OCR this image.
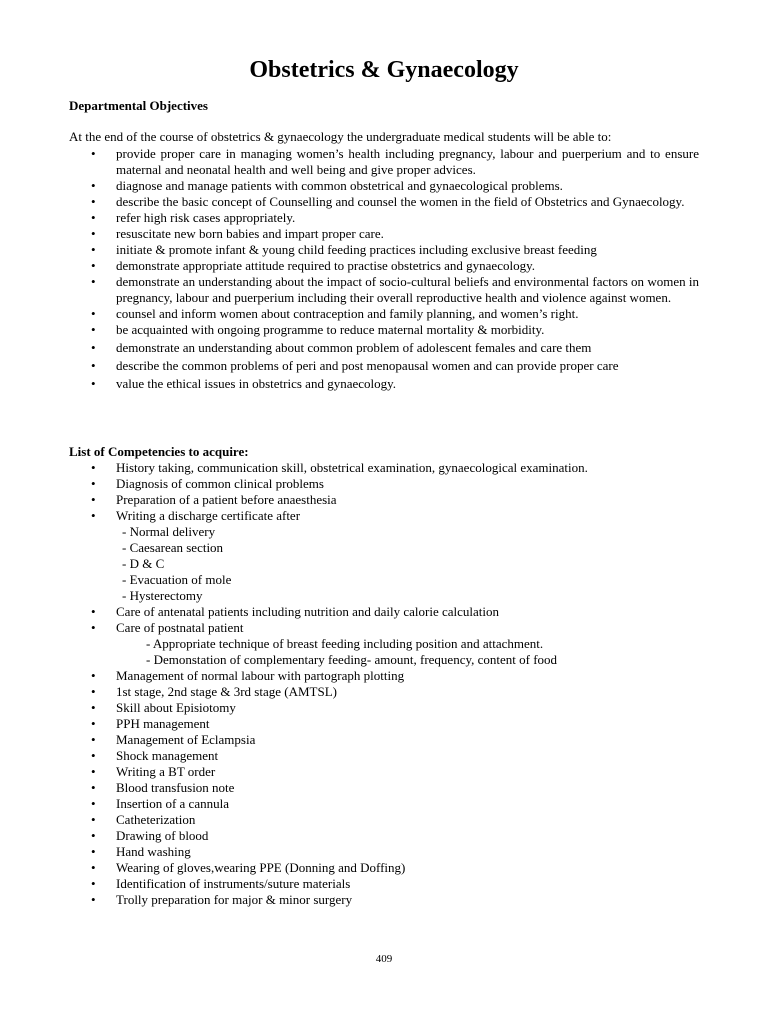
Obstetrics & Gynaecology
Departmental Objectives
At the end of the course of obstetrics & gynaecology the undergraduate medical students will be able to:
•	provide proper care in managing women’s health including pregnancy, labour and puerperium and to ensure maternal and neonatal health and well being and give proper advices.
•	diagnose and manage patients with common obstetrical and gynaecological problems.
•	describe the basic concept of Counselling and counsel the women in the field of Obstetrics and Gynaecology.
•	refer high risk cases appropriately.
•	resuscitate new born babies and impart proper care.
•	initiate & promote infant & young child feeding practices including exclusive breast feeding
•	demonstrate appropriate attitude required to practise obstetrics and gynaecology.
•	demonstrate an understanding about the impact of socio-cultural beliefs and environmental factors on women in pregnancy, labour and puerperium including their overall reproductive health and violence against women.
•	counsel and inform women about contraception and family planning, and women’s right.
•	be acquainted with ongoing programme to reduce maternal mortality & morbidity.
•	demonstrate an understanding about common problem of adolescent females and care them
•	describe the common problems of peri and post menopausal women and can provide proper care
•	value the ethical issues in obstetrics and gynaecology.
List of Competencies to acquire:
•	History taking, communication skill, obstetrical examination, gynaecological examination.
•	Diagnosis of common clinical problems
•	Preparation of a patient before anaesthesia
•	Writing a discharge certificate after
- Normal delivery
- Caesarean section
- D & C
- Evacuation of mole
- Hysterectomy
•	Care of antenatal patients including nutrition and daily calorie calculation
•	Care of postnatal patient
- Appropriate technique of breast feeding including position and attachment.
- Demonstation of complementary feeding- amount, frequency, content of food
•	Management of normal labour with partograph plotting
•	1st stage, 2nd stage & 3rd stage (AMTSL)
•	Skill about Episiotomy
•	PPH management
•	Management of Eclampsia
•	Shock management
•	Writing a BT order
•	Blood transfusion note
•	Insertion of a cannula
•	Catheterization
•	Drawing of blood
•	Hand washing
•	Wearing of gloves,wearing PPE (Donning and Doffing)
•	Identification of instruments/suture materials
•	Trolly preparation for major & minor surgery
409
